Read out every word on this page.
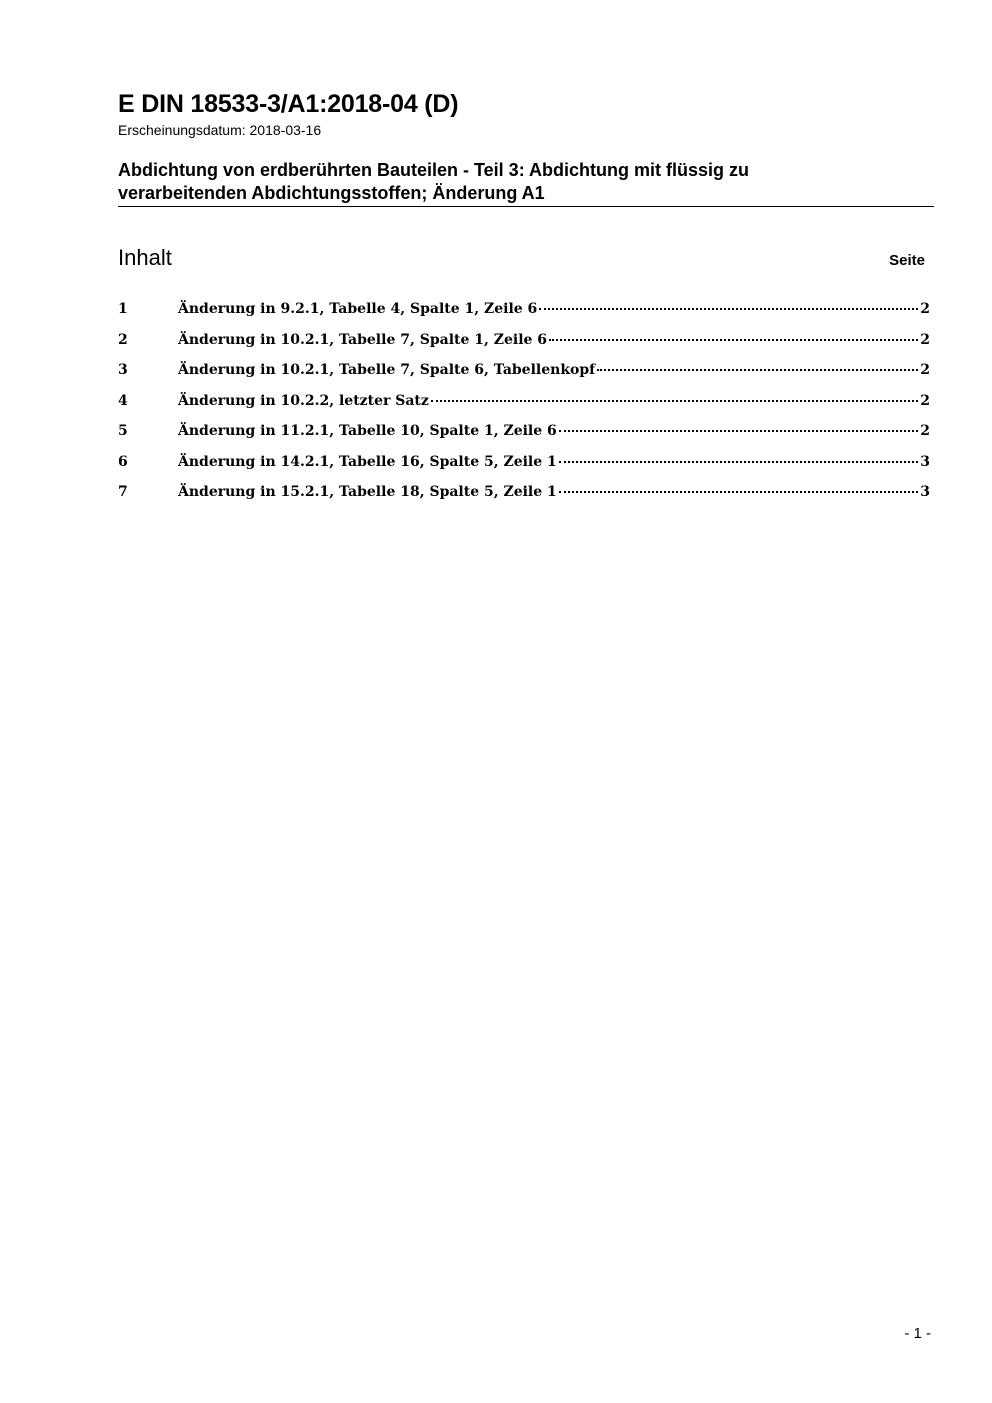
E DIN 18533-3/A1:2018-04 (D)
Erscheinungsdatum: 2018-03-16
Abdichtung von erdberührten Bauteilen - Teil 3: Abdichtung mit flüssig zu
verarbeitenden Abdichtungsstoffen; Änderung A1
Inhalt	Seite
1	Änderung in 9.2.1, Tabelle 4, Spalte 1, Zeile 6	2
2	Änderung in 10.2.1, Tabelle 7, Spalte 1, Zeile 6	2
3	Änderung in 10.2.1, Tabelle 7, Spalte 6, Tabellenkopf	2
4	Änderung in 10.2.2, letzter Satz	2
5	Änderung in 11.2.1, Tabelle 10, Spalte 1, Zeile 6	2
6	Änderung in 14.2.1, Tabelle 16, Spalte 5, Zeile 1	3
7	Änderung in 15.2.1, Tabelle 18, Spalte 5, Zeile 1	3
- 1 -
